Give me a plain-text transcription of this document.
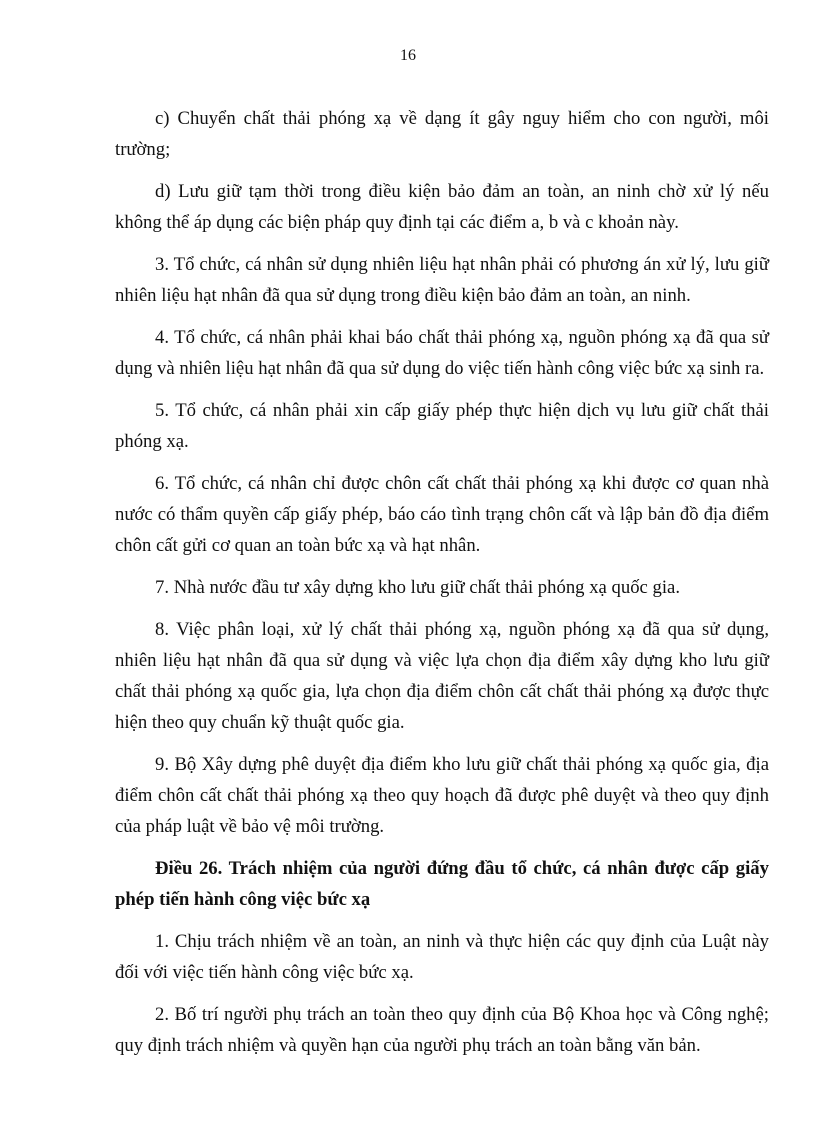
16

c) Chuyển chất thải phóng xạ về dạng ít gây nguy hiểm cho con người, môi trường;

d) Lưu giữ tạm thời trong điều kiện bảo đảm an toàn, an ninh chờ xử lý nếu không thể áp dụng các biện pháp quy định tại các điểm a, b và c khoản này.

3. Tổ chức, cá nhân sử dụng nhiên liệu hạt nhân phải có phương án xử lý, lưu giữ nhiên liệu hạt nhân đã qua sử dụng trong điều kiện bảo đảm an toàn, an ninh.

4. Tổ chức, cá nhân phải khai báo chất thải phóng xạ, nguồn phóng xạ đã qua sử dụng và nhiên liệu hạt nhân đã qua sử dụng do việc tiến hành công việc bức xạ sinh ra.

5. Tổ chức, cá nhân phải xin cấp giấy phép thực hiện dịch vụ lưu giữ chất thải phóng xạ.

6. Tổ chức, cá nhân chỉ được chôn cất chất thải phóng xạ khi được cơ quan nhà nước có thẩm quyền cấp giấy phép, báo cáo tình trạng chôn cất và lập bản đồ địa điểm chôn cất gửi cơ quan an toàn bức xạ và hạt nhân.

7. Nhà nước đầu tư xây dựng kho lưu giữ chất thải phóng xạ quốc gia.

8. Việc phân loại, xử lý chất thải phóng xạ, nguồn phóng xạ đã qua sử dụng, nhiên liệu hạt nhân đã qua sử dụng và việc lựa chọn địa điểm xây dựng kho lưu giữ chất thải phóng xạ quốc gia, lựa chọn địa điểm chôn cất chất thải phóng xạ được thực hiện theo quy chuẩn kỹ thuật quốc gia.

9. Bộ Xây dựng phê duyệt địa điểm kho lưu giữ chất thải phóng xạ quốc gia, địa điểm chôn cất chất thải phóng xạ theo quy hoạch đã được phê duyệt và theo quy định của pháp luật về bảo vệ môi trường.

Điều 26. Trách nhiệm của người đứng đầu tổ chức, cá nhân được cấp giấy phép tiến hành công việc bức xạ

1. Chịu trách nhiệm về an toàn, an ninh và thực hiện các quy định của Luật này đối với việc tiến hành công việc bức xạ.

2. Bố trí người phụ trách an toàn theo quy định của Bộ Khoa học và Công nghệ; quy định trách nhiệm và quyền hạn của người phụ trách an toàn bằng văn bản.
